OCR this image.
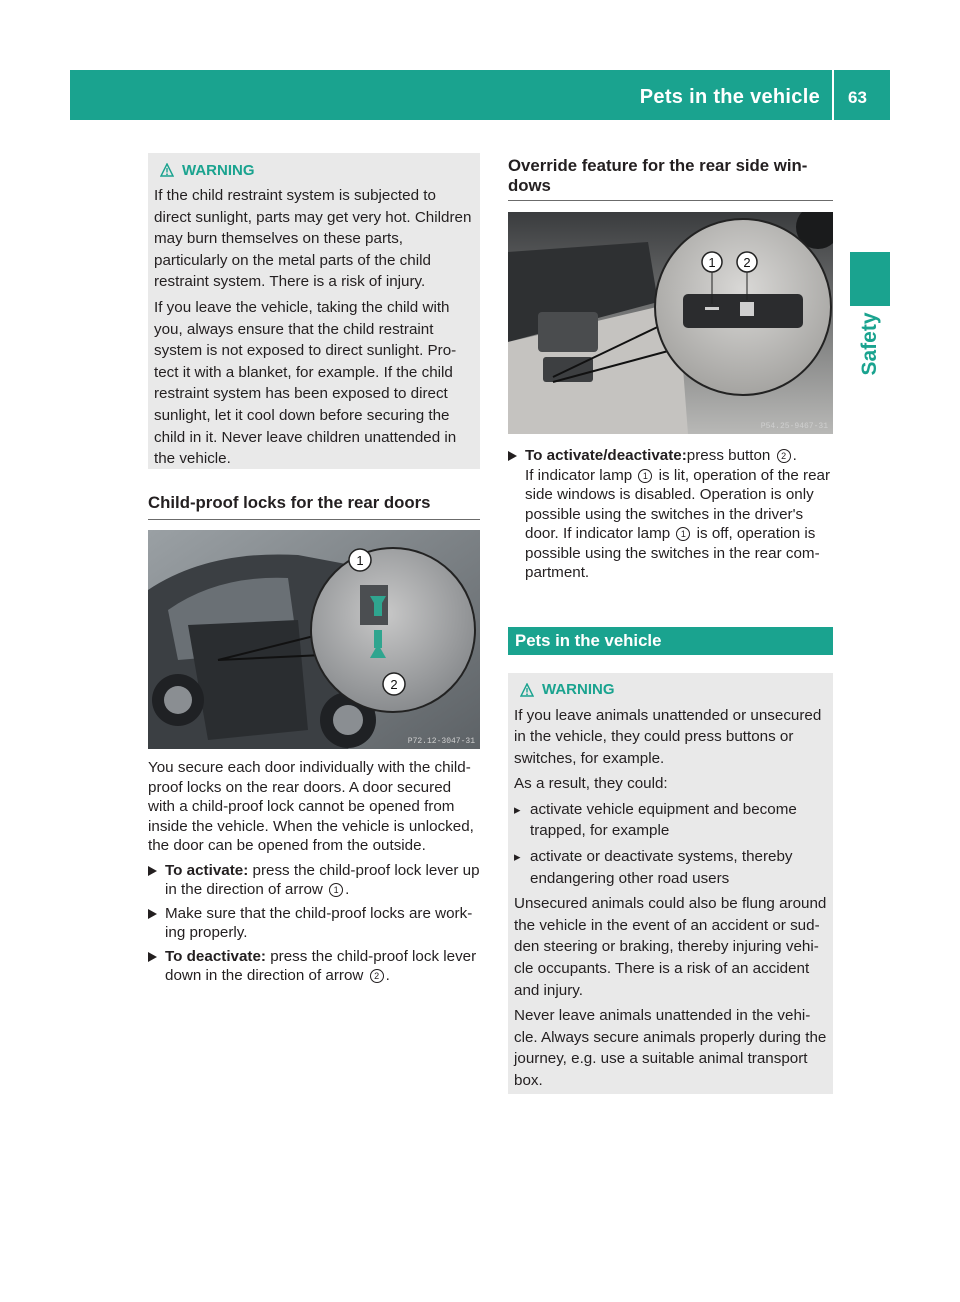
Pets in the vehicle 63
Safety
WARNING

If the child restraint system is subjected to direct sunlight, parts may get very hot. Children may burn themselves on these parts, particularly on the metal parts of the child restraint system. There is a risk of injury.

If you leave the vehicle, taking the child with you, always ensure that the child restraint system is not exposed to direct sunlight. Protect it with a blanket, for example. If the child restraint system has been exposed to direct sunlight, let it cool down before securing the child in it. Never leave children unattended in the vehicle.

Child-proof locks for the rear doors
1
2
P72.12-3047-31

You secure each door individually with the child-proof locks on the rear doors. A door secured with a child-proof lock cannot be opened from inside the vehicle. When the vehicle is unlocked, the door can be opened from the outside.

To activate: press the child-proof lock lever up in the direction of arrow 1 .
Make sure that the child-proof locks are working properly.
To deactivate: press the child-proof lock lever down in the direction of arrow 2 .
Override feature for the rear side windows
1 2
P54.25-9467-31
To activate/deactivate:press button 2 .
If indicator lamp 1 is lit, operation of the rear side windows is disabled. Operation is only possible using the switches in the driver's door. If indicator lamp 1 is off, operation is possible using the switches in the rear compartment.
Pets in the vehicle
WARNING

If you leave animals unattended or unsecured in the vehicle, they could press buttons or switches, for example.

As a result, they could:

▸ activate vehicle equipment and become trapped, for example
▸ activate or deactivate systems, thereby endangering other road users

Unsecured animals could also be flung around the vehicle in the event of an accident or sudden steering or braking, thereby injuring vehicle occupants. There is a risk of an accident and injury.

Never leave animals unattended in the vehicle. Always secure animals properly during the journey, e.g. use a suitable animal transport box.
